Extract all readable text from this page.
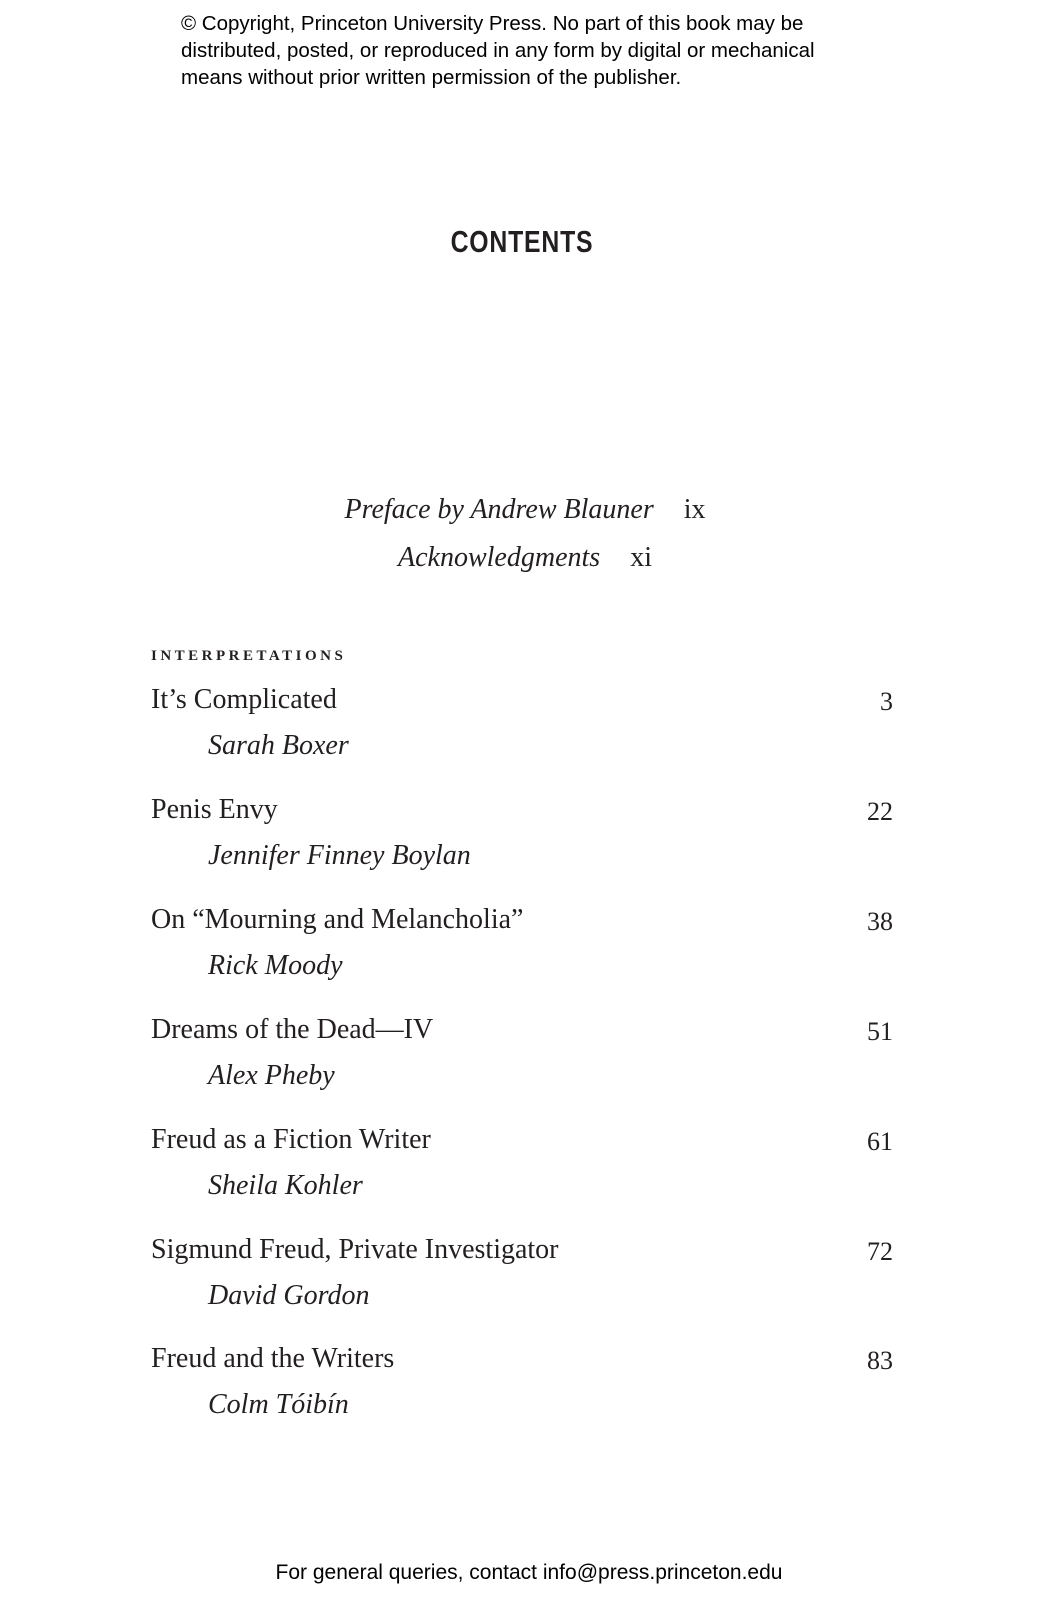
© Copyright, Princeton University Press. No part of this book may be
distributed, posted, or reproduced in any form by digital or mechanical
means without prior written permission of the publisher.
CONTENTS
Preface by Andrew Blauner ix
Acknowledgments xi
interpretations
It’s Complicated	3
Sarah Boxer
Penis Envy	22
Jennifer Finney Boylan
On “Mourning and Melancholia”	38
Rick Moody
Dreams of the Dead—IV	51
Alex Pheby
Freud as a Fiction Writer	61
Sheila Kohler
Sigmund Freud, Private Investigator	72
David Gordon
Freud and the Writers	83
Colm Tóibín
For general queries, contact info@press.princeton.edu
